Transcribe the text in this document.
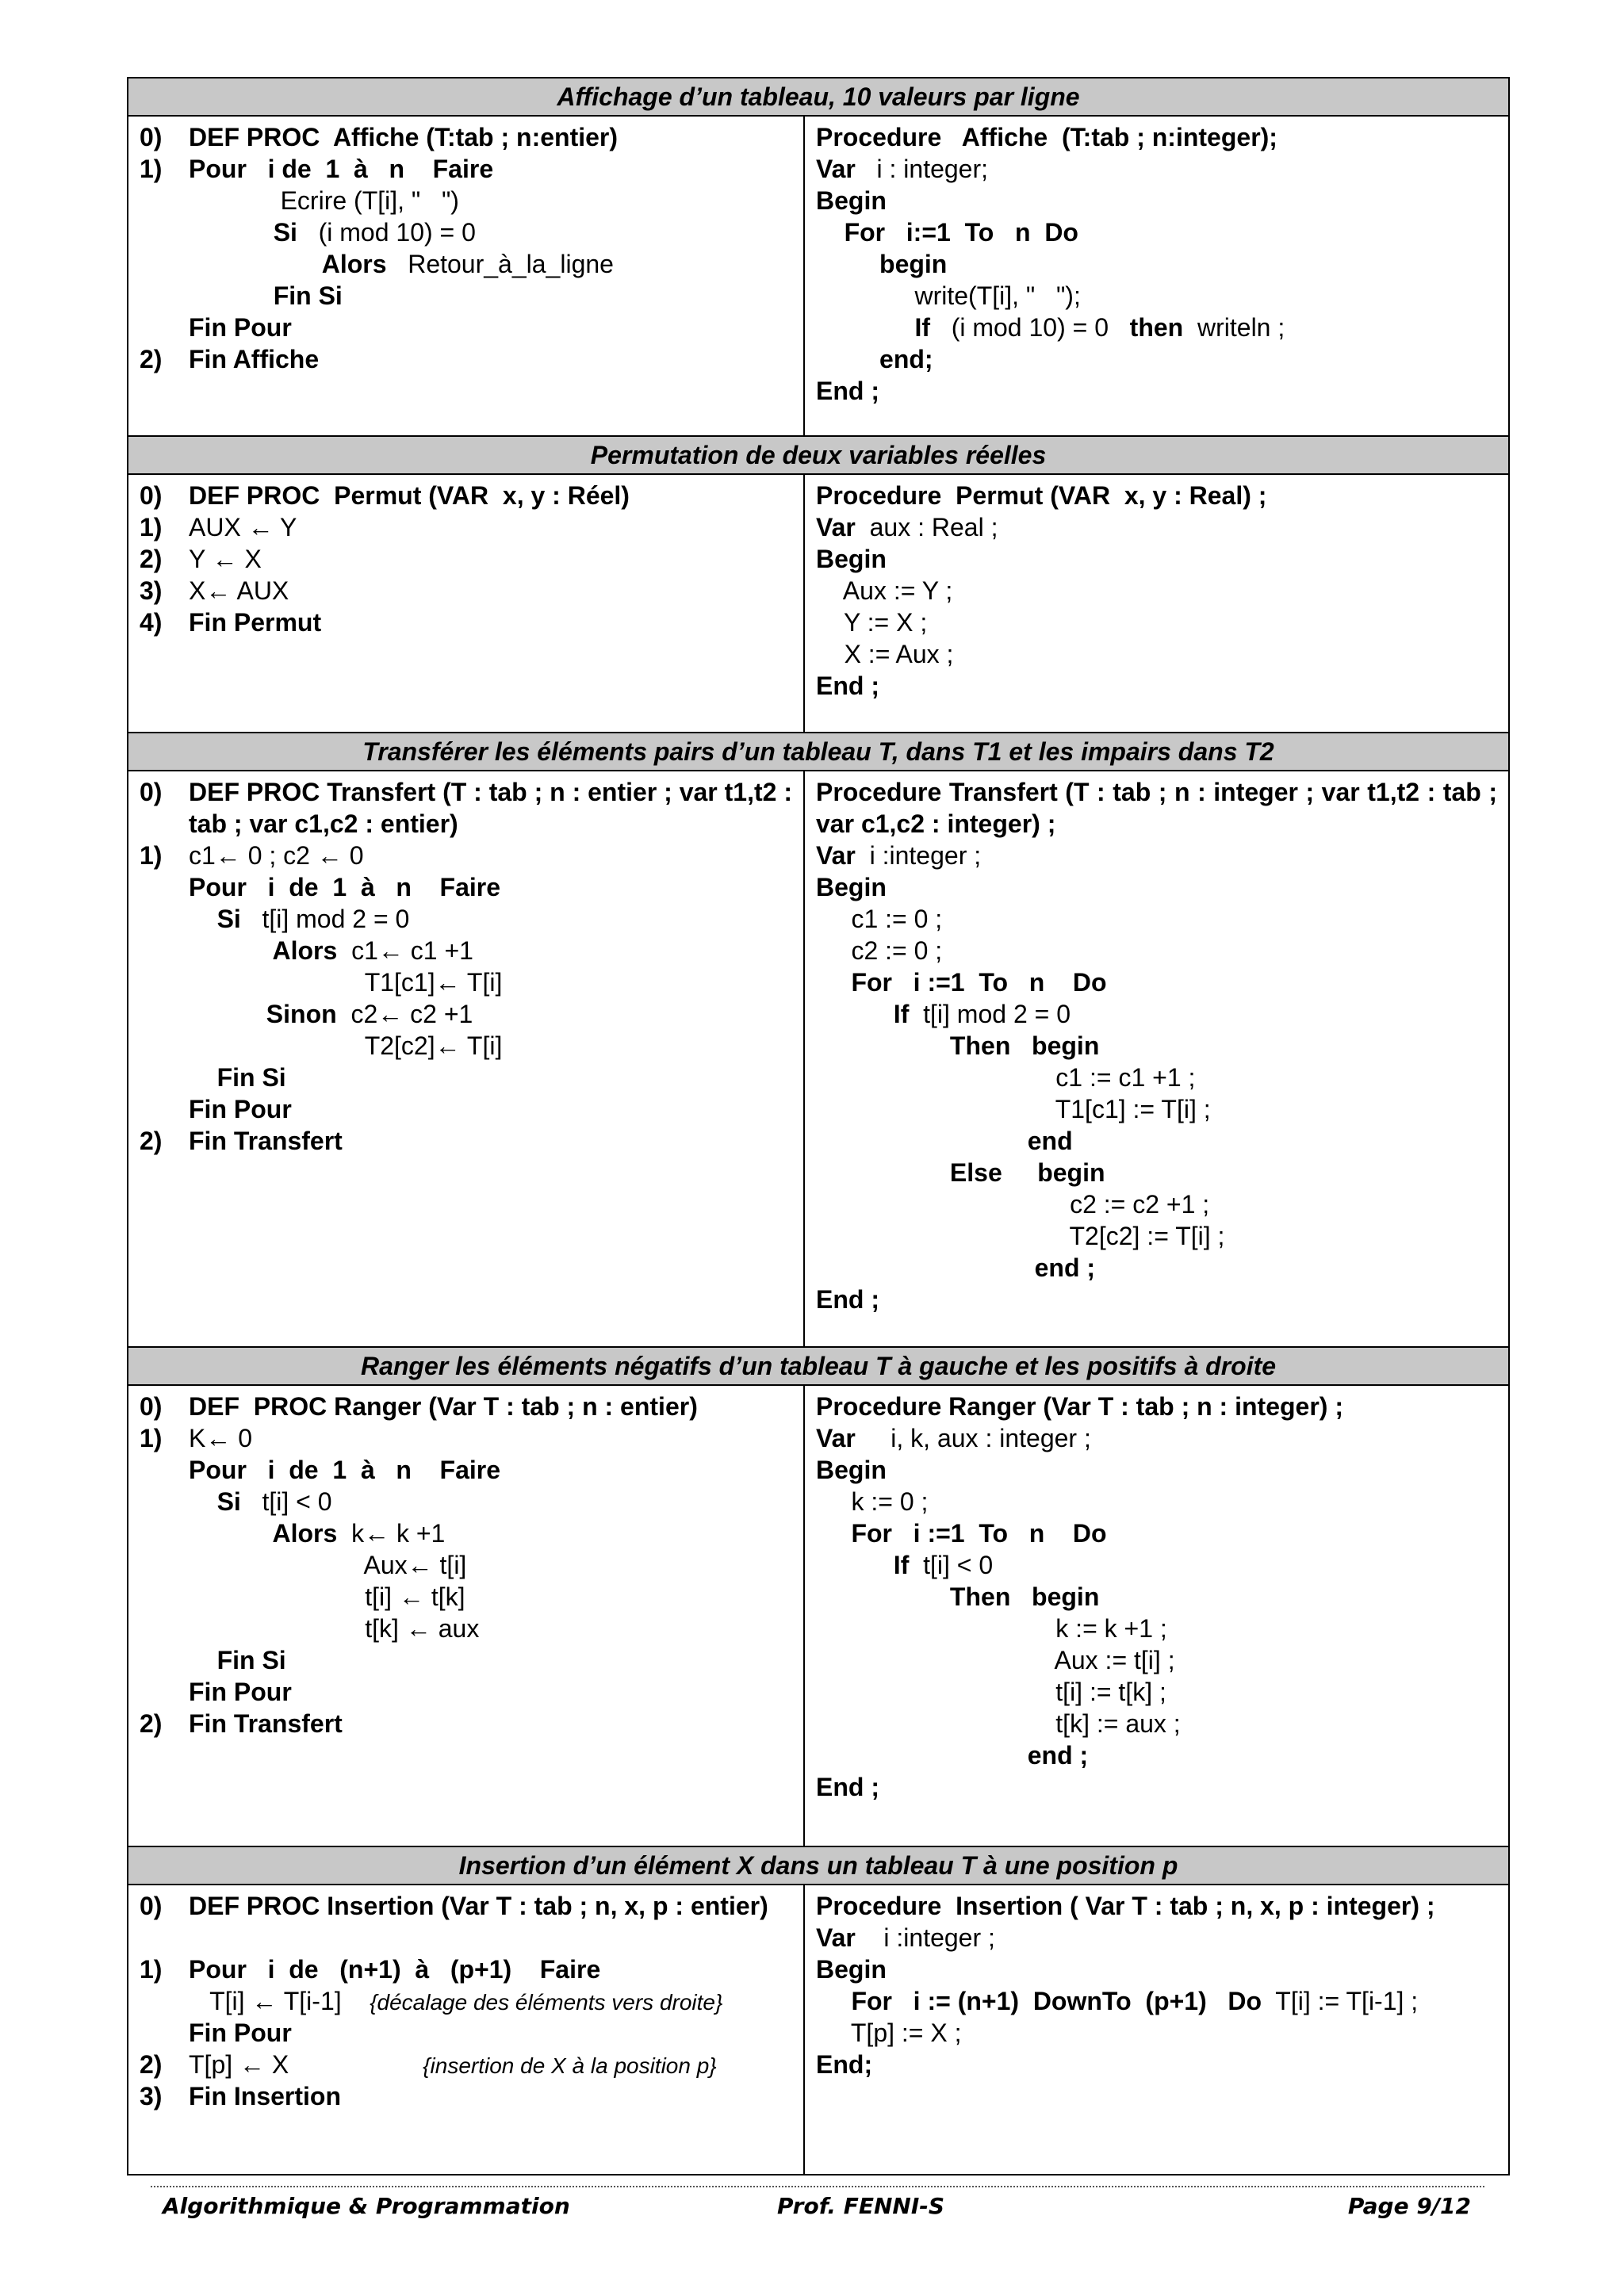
Affichage d’un tableau, 10 valeurs par ligne
0)	DEF PROC  Affiche (T:tab ; n:entier)
1)	Pour   i de  1  à   n    Faire
Ecrire (T[i], "   ")
Si   (i mod 10) = 0
Alors   Retour_à_la_ligne
Fin Si
Fin Pour
2)	Fin Affiche
Procedure   Affiche  (T:tab ; n:integer);
Var   i : integer;
Begin
For   i:=1  To   n  Do
begin
write(T[i], "   ");
If   (i mod 10) = 0   then  writeln ;
end;
End ;
Permutation de deux variables réelles
0)	DEF PROC  Permut (VAR  x, y : Réel)
1)	AUX ← Y
2)	Y ← X
3)	X← AUX
4)	Fin Permut
Procedure  Permut (VAR  x, y : Real) ;
Var  aux : Real ;
Begin
Aux := Y ;
Y := X ;
X := Aux ;
End ;
Transférer les éléments pairs d’un tableau T, dans T1 et les impairs dans T2
0)	DEF PROC Transfert (T : tab ; n : entier ; var t1,t2 : tab ; var c1,c2 : entier)
1)	c1← 0 ; c2 ← 0
Pour   i  de  1  à   n    Faire
Si   t[i] mod 2 = 0
Alors  c1← c1 +1
T1[c1]← T[i]
Sinon  c2← c2 +1
T2[c2]← T[i]
Fin Si
Fin Pour
2)	Fin Transfert
Procedure Transfert (T : tab ; n : integer ; var t1,t2 : tab ; var c1,c2 : integer) ;
Var  i :integer ;
Begin
c1 := 0 ;
c2 := 0 ;
For   i :=1  To   n    Do
If  t[i] mod 2 = 0
Then   begin
c1 := c1 +1 ;
T1[c1] := T[i] ;
end
Else     begin
c2 := c2 +1 ;
T2[c2] := T[i] ;
end ;
End ;
Ranger les éléments négatifs d’un tableau T à gauche et les positifs à droite
0)	DEF  PROC Ranger (Var T : tab ; n : entier)
1)	K← 0
Pour   i  de  1  à   n    Faire
Si   t[i] < 0
Alors  k← k +1
Aux← t[i]
t[i] ← t[k]
t[k] ← aux
Fin Si
Fin Pour
2)	Fin Transfert
Procedure Ranger (Var T : tab ; n : integer) ;
Var     i, k, aux : integer ;
Begin
k := 0 ;
For   i :=1  To   n    Do
If  t[i] < 0
Then   begin
k := k +1 ;
Aux := t[i] ;
t[i] := t[k] ;
t[k] := aux ;
end ;
End ;
Insertion d’un élément X dans un tableau T à une position p
0)	DEF PROC Insertion (Var T : tab ; n, x, p : entier)
1)	Pour   i  de   (n+1)  à   (p+1)    Faire
T[i] ← T[i-1]    {décalage des éléments vers droite}
Fin Pour
2)	T[p] ← X                   {insertion de X à la position p}
3)	Fin Insertion
Procedure  Insertion ( Var T : tab ; n, x, p : integer) ;
Var    i :integer ;
Begin
For   i := (n+1)  DownTo  (p+1)   Do  T[i] := T[i-1] ;
T[p] := X ;
End;
Algorithmique & Programmation	Prof. FENNI-S	Page 9/12
